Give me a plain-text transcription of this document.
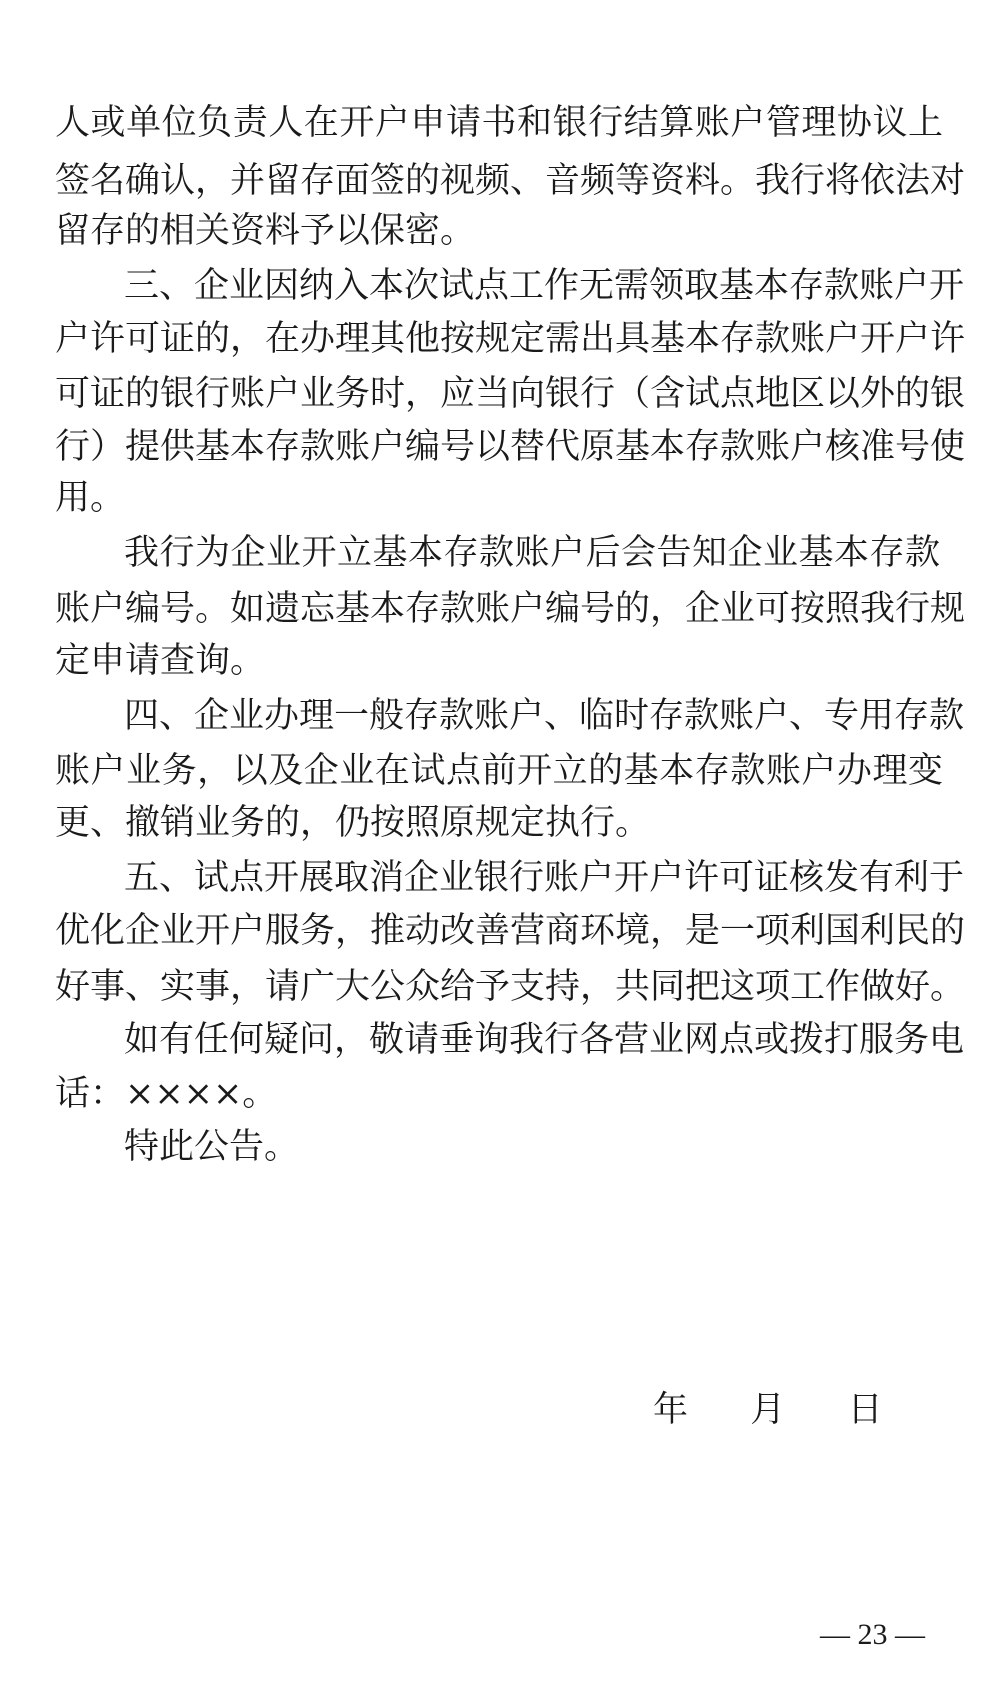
人或单位负责人在开户申请书和银行结算账户管理协议上
签名确认，并留存面签的视频、音频等资料。我行将依法对
留存的相关资料予以保密。
三、企业因纳入本次试点工作无需领取基本存款账户开
户许可证的，在办理其他按规定需出具基本存款账户开户许
可证的银行账户业务时，应当向银行（含试点地区以外的银
行）提供基本存款账户编号以替代原基本存款账户核准号使
用。
我行为企业开立基本存款账户后会告知企业基本存款
账户编号。如遗忘基本存款账户编号的，企业可按照我行规
定申请查询。
四、企业办理一般存款账户、临时存款账户、专用存款
账户业务，以及企业在试点前开立的基本存款账户办理变
更、撤销业务的，仍按照原规定执行。
五、试点开展取消企业银行账户开户许可证核发有利于
优化企业开户服务，推动改善营商环境，是一项利国利民的
好事、实事，请广大公众给予支持，共同把这项工作做好。
如有任何疑问，敬请垂询我行各营业网点或拨打服务电
话：××××。
特此公告。
年 月 日
— 23 —
